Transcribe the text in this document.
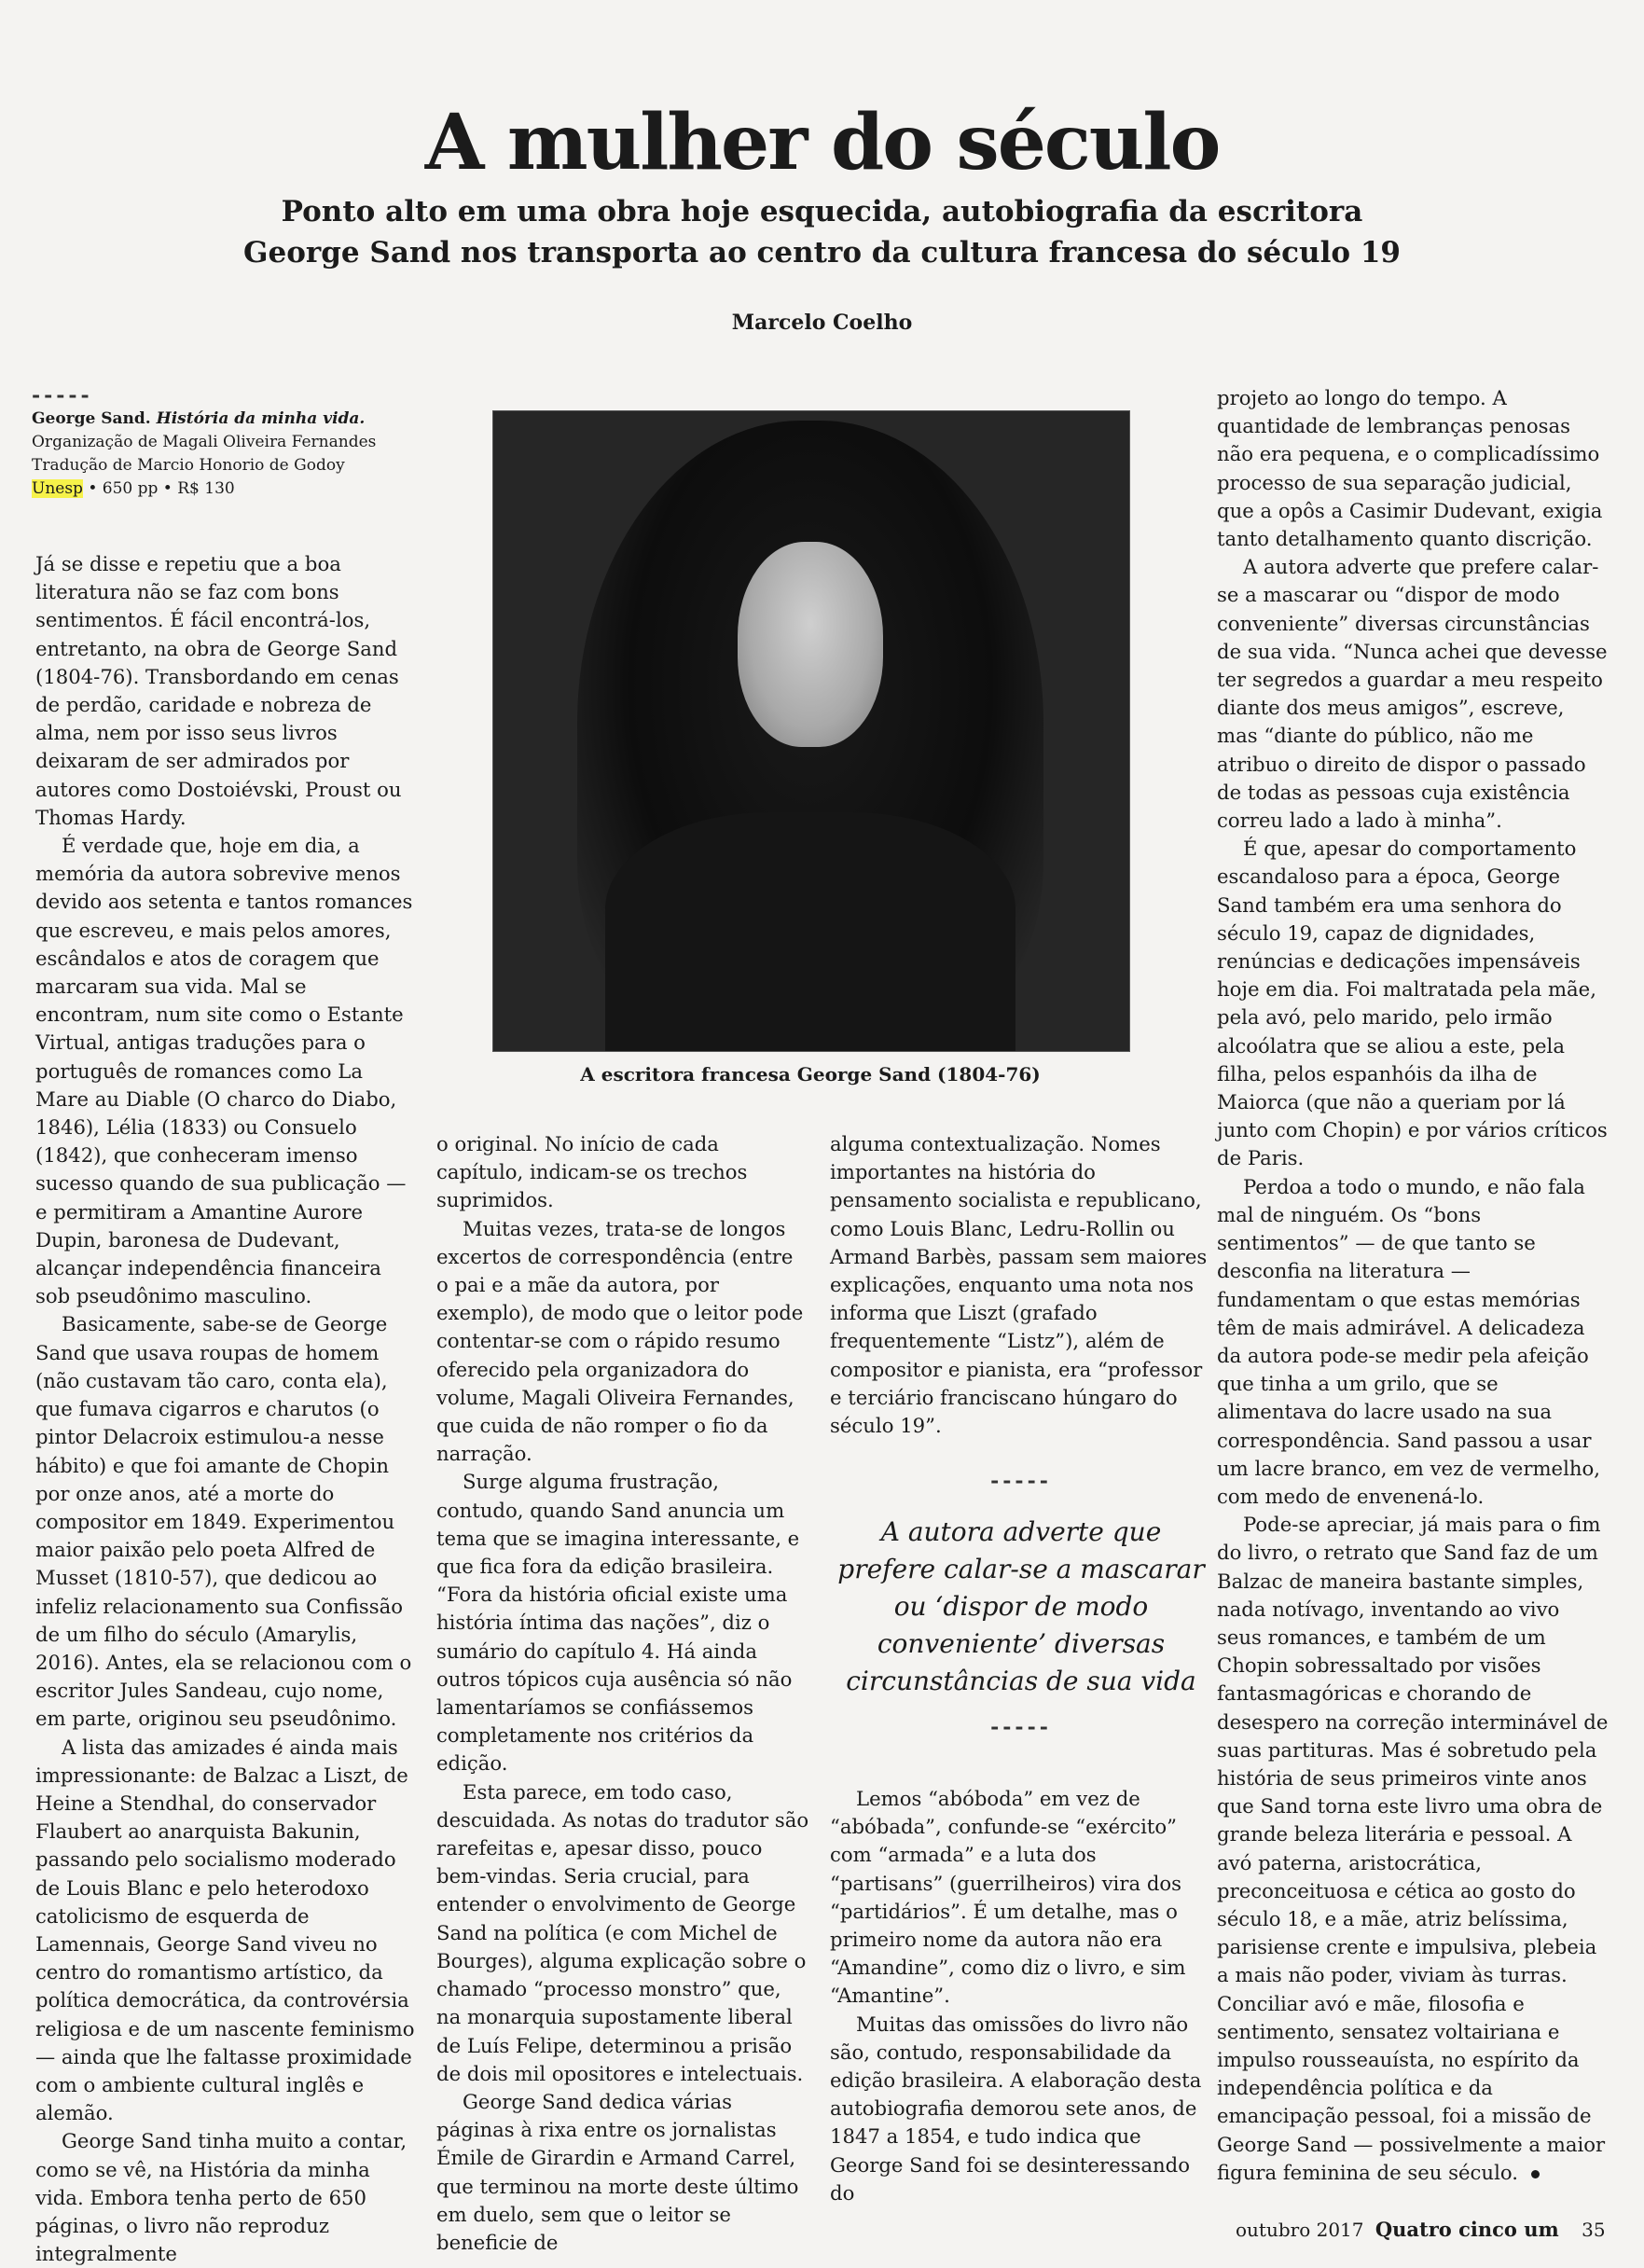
A mulher do século
Ponto alto em uma obra hoje esquecida, autobiografia da escritora
George Sand nos transporta ao centro da cultura francesa do século 19
Marcelo Coelho
-----
George Sand. História da minha vida.
Organização de Magali Oliveira Fernandes
Tradução de Marcio Honorio de Godoy
Unesp • 650 pp • R$ 130

Já se disse e repetiu que a boa literatura não se faz com bons sentimentos. É fácil encontrá-los, entretanto, na obra de George Sand (1804-76). Transbordando em cenas de perdão, caridade e nobreza de alma, nem por isso seus livros deixaram de ser admirados por autores como Dostoiévski, Proust ou Thomas Hardy.

É verdade que, hoje em dia, a memória da autora sobrevive menos devido aos setenta e tantos romances que escreveu, e mais pelos amores, escândalos e atos de coragem que marcaram sua vida. Mal se encontram, num site como o Estante Virtual, antigas traduções para o português de romances como La Mare au Diable (O charco do Diabo, 1846), Lélia (1833) ou Consuelo (1842), que conheceram imenso sucesso quando de sua publicação — e permitiram a Amantine Aurore Dupin, baronesa de Dudevant, alcançar independência financeira sob pseudônimo masculino.

Basicamente, sabe-se de George Sand que usava roupas de homem (não custavam tão caro, conta ela), que fumava cigarros e charutos (o pintor Delacroix estimulou-a nesse hábito) e que foi amante de Chopin por onze anos, até a morte do compositor em 1849. Experimentou maior paixão pelo poeta Alfred de Musset (1810-57), que dedicou ao infeliz relacionamento sua Confissão de um filho do século (Amarylis, 2016). Antes, ela se relacionou com o escritor Jules Sandeau, cujo nome, em parte, originou seu pseudônimo.

A lista das amizades é ainda mais impressionante: de Balzac a Liszt, de Heine a Stendhal, do conservador Flaubert ao anarquista Bakunin, passando pelo socialismo moderado de Louis Blanc e pelo heterodoxo catolicismo de esquerda de Lamennais, George Sand viveu no centro do romantismo artístico, da política democrática, da controvérsia religiosa e de um nascente feminismo — ainda que lhe faltasse proximidade com o ambiente cultural inglês e alemão.

George Sand tinha muito a contar, como se vê, na História da minha vida. Embora tenha perto de 650 páginas, o livro não reproduz integralmente

A escritora francesa George Sand (1804-76)

o original. No início de cada capítulo, indicam-se os trechos suprimidos.

Muitas vezes, trata-se de longos excertos de correspondência (entre o pai e a mãe da autora, por exemplo), de modo que o leitor pode contentar-se com o rápido resumo oferecido pela organizadora do volume, Magali Oliveira Fernandes, que cuida de não romper o fio da narração.

Surge alguma frustração, contudo, quando Sand anuncia um tema que se imagina interessante, e que fica fora da edição brasileira. “Fora da história oficial existe uma história íntima das nações”, diz o sumário do capítulo 4. Há ainda outros tópicos cuja ausência só não lamentaríamos se confiássemos completamente nos critérios da edição.

Esta parece, em todo caso, descuidada. As notas do tradutor são rarefeitas e, apesar disso, pouco bem-vindas. Seria crucial, para entender o envolvimento de George Sand na política (e com Michel de Bourges), alguma explicação sobre o chamado “processo monstro” que, na monarquia supostamente liberal de Luís Felipe, determinou a prisão de dois mil opositores e intelectuais.

George Sand dedica várias páginas à rixa entre os jornalistas Émile de Girardin e Armand Carrel, que terminou na morte deste último em duelo, sem que o leitor se beneficie de

alguma contextualização. Nomes importantes na história do pensamento socialista e republicano, como Louis Blanc, Ledru-Rollin ou Armand Barbès, passam sem maiores explicações, enquanto uma nota nos informa que Liszt (grafado frequentemente “Listz”), além de compositor e pianista, era “professor e terciário franciscano húngaro do século 19”.

-----
A autora adverte que prefere calar-se a mascarar ou ‘dispor de modo conveniente’ diversas circunstâncias de sua vida
-----

Lemos “abóboda” em vez de “abóbada”, confunde-se “exército” com “armada” e a luta dos “partisans” (guerrilheiros) vira dos “partidários”. É um detalhe, mas o primeiro nome da autora não era “Amandine”, como diz o livro, e sim “Amantine”.

Muitas das omissões do livro não são, contudo, responsabilidade da edição brasileira. A elaboração desta autobiografia demorou sete anos, de 1847 a 1854, e tudo indica que George Sand foi se desinteressando do

projeto ao longo do tempo. A quantidade de lembranças penosas não era pequena, e o complicadíssimo processo de sua separação judicial, que a opôs a Casimir Dudevant, exigia tanto detalhamento quanto discrição.

A autora adverte que prefere calar-se a mascarar ou “dispor de modo conveniente” diversas circunstâncias de sua vida. “Nunca achei que devesse ter segredos a guardar a meu respeito diante dos meus amigos”, escreve, mas “diante do público, não me atribuo o direito de dispor o passado de todas as pessoas cuja existência correu lado a lado à minha”.

É que, apesar do comportamento escandaloso para a época, George Sand também era uma senhora do século 19, capaz de dignidades, renúncias e dedicações impensáveis hoje em dia. Foi maltratada pela mãe, pela avó, pelo marido, pelo irmão alcoólatra que se aliou a este, pela filha, pelos espanhóis da ilha de Maiorca (que não a queriam por lá junto com Chopin) e por vários críticos de Paris.

Perdoa a todo o mundo, e não fala mal de ninguém. Os “bons sentimentos” — de que tanto se desconfia na literatura — fundamentam o que estas memórias têm de mais admirável. A delicadeza da autora pode-se medir pela afeição que tinha a um grilo, que se alimentava do lacre usado na sua correspondência. Sand passou a usar um lacre branco, em vez de vermelho, com medo de envenená-lo.

Pode-se apreciar, já mais para o fim do livro, o retrato que Sand faz de um Balzac de maneira bastante simples, nada notívago, inventando ao vivo seus romances, e também de um Chopin sobressaltado por visões fantasmagóricas e chorando de desespero na correção interminável de suas partituras. Mas é sobretudo pela história de seus primeiros vinte anos que Sand torna este livro uma obra de grande beleza literária e pessoal. A avó paterna, aristocrática, preconceituosa e cética ao gosto do século 18, e a mãe, atriz belíssima, parisiense crente e impulsiva, plebeia a mais não poder, viviam às turras. Conciliar avó e mãe, filosofia e sentimento, sensatez voltairiana e impulso rousseauísta, no espírito da independência política e da emancipação pessoal, foi a missão de George Sand — possivelmente a maior figura feminina de seu século.

outubro 2017 Quatro cinco um 35
